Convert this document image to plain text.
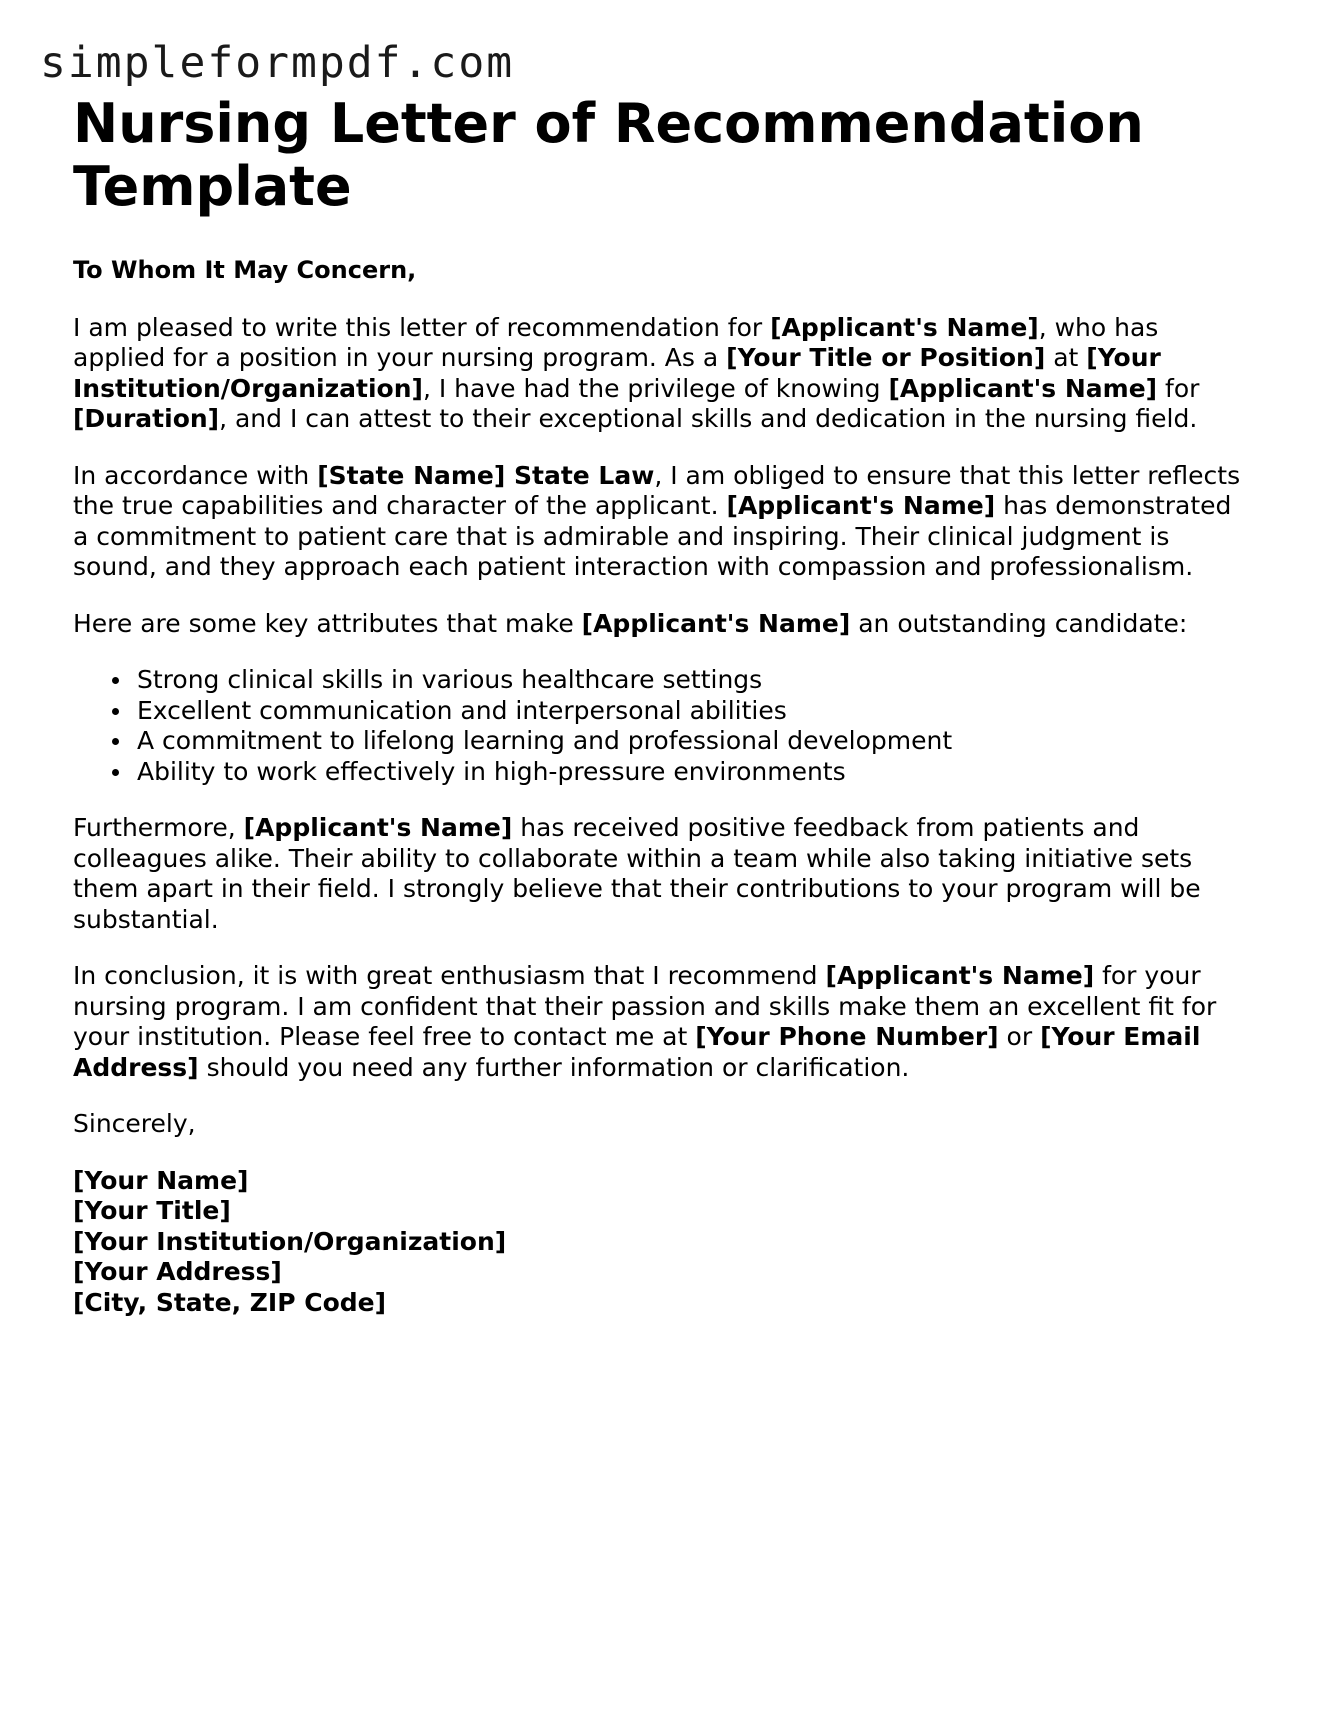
simpleformpdf.com
Nursing Letter of Recommendation Template

To Whom It May Concern,

I am pleased to write this letter of recommendation for [Applicant's Name], who has applied for a position in your nursing program. As a [Your Title or Position] at [Your Institution/Organization], I have had the privilege of knowing [Applicant's Name] for [Duration], and I can attest to their exceptional skills and dedication in the nursing field.

In accordance with [State Name] State Law, I am obliged to ensure that this letter reflects the true capabilities and character of the applicant. [Applicant's Name] has demonstrated a commitment to patient care that is admirable and inspiring. Their clinical judgment is sound, and they approach each patient interaction with compassion and professionalism.

Here are some key attributes that make [Applicant's Name] an outstanding candidate:

Strong clinical skills in various healthcare settings
Excellent communication and interpersonal abilities
A commitment to lifelong learning and professional development
Ability to work effectively in high-pressure environments

Furthermore, [Applicant's Name] has received positive feedback from patients and colleagues alike. Their ability to collaborate within a team while also taking initiative sets them apart in their field. I strongly believe that their contributions to your program will be substantial.

In conclusion, it is with great enthusiasm that I recommend [Applicant's Name] for your nursing program. I am confident that their passion and skills make them an excellent fit for your institution. Please feel free to contact me at [Your Phone Number] or [Your Email Address] should you need any further information or clarification.

Sincerely,

[Your Name]
[Your Title]
[Your Institution/Organization]
[Your Address]
[City, State, ZIP Code]
